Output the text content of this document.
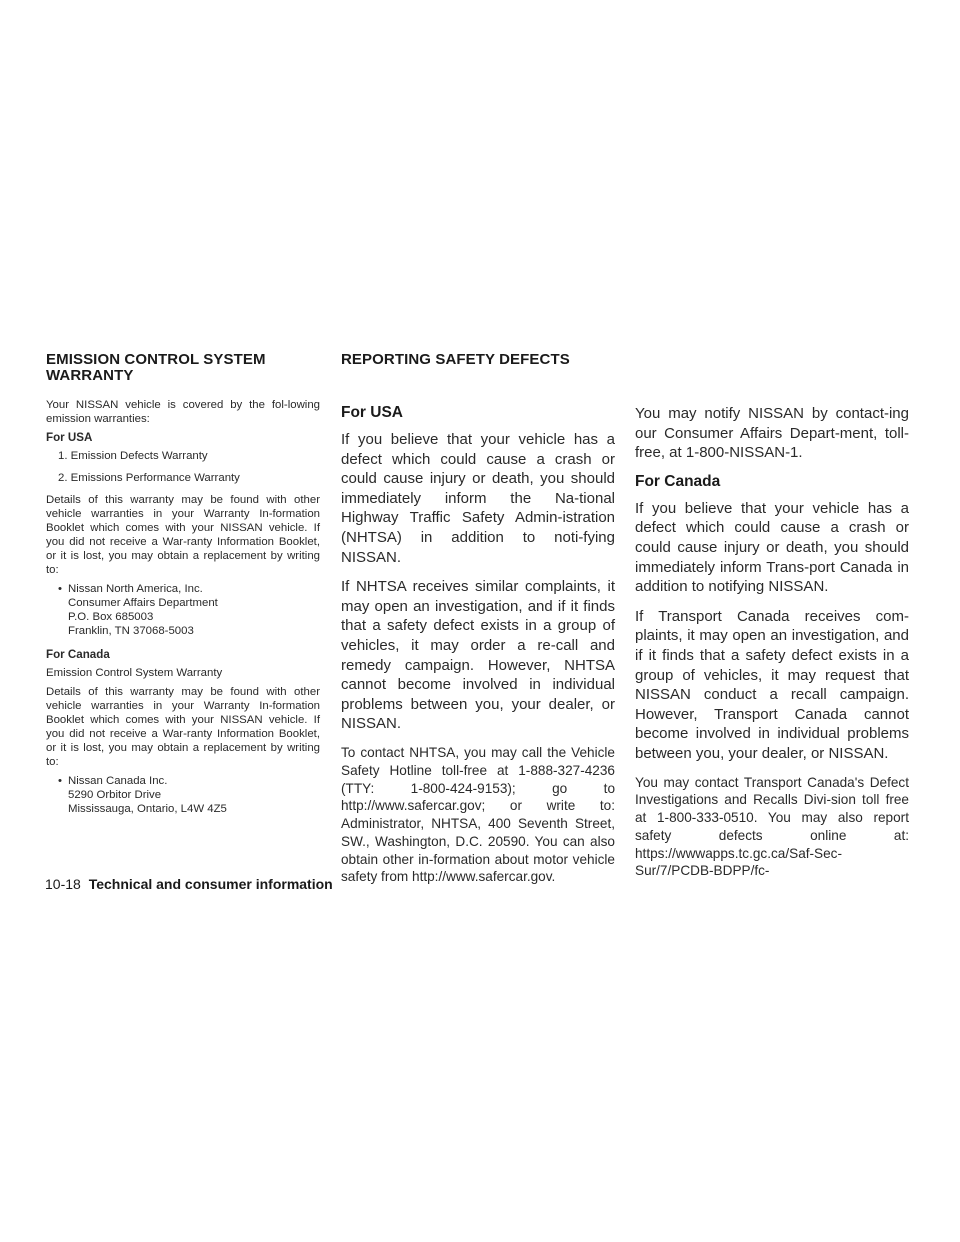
EMISSION CONTROL SYSTEM WARRANTY

Your NISSAN vehicle is covered by the fol-lowing emission warranties:

For USA

1. Emission Defects Warranty
2. Emissions Performance Warranty

Details of this warranty may be found with other vehicle warranties in your Warranty In-formation Booklet which comes with your NISSAN vehicle. If you did not receive a War-ranty Information Booklet, or it is lost, you may obtain a replacement by writing to:

• Nissan North America, Inc.
Consumer Affairs Department
P.O. Box 685003
Franklin, TN 37068-5003

For Canada

Emission Control System Warranty

Details of this warranty may be found with other vehicle warranties in your Warranty In-formation Booklet which comes with your NISSAN vehicle. If you did not receive a War-ranty Information Booklet, or it is lost, you may obtain a replacement by writing to:

• Nissan Canada Inc.
5290 Orbitor Drive
Mississauga, Ontario, L4W 4Z5
REPORTING SAFETY DEFECTS

For USA

If you believe that your vehicle has a defect which could cause a crash or could cause injury or death, you should immediately inform the Na-tional Highway Traffic Safety Admin-istration (NHTSA) in addition to noti-fying NISSAN.

If NHTSA receives similar complaints, it may open an investigation, and if it finds that a safety defect exists in a group of vehicles, it may order a re-call and remedy campaign. However, NHTSA cannot become involved in individual problems between you, your dealer, or NISSAN.

To contact NHTSA, you may call the Vehicle Safety Hotline toll-free at 1-888-327-4236 (TTY: 1-800-424-9153); go to http://www.safercar.gov; or write to: Administrator, NHTSA, 400 Seventh Street, SW., Washington, D.C. 20590. You can also obtain other in-formation about motor vehicle safety from http://www.safercar.gov.

You may notify NISSAN by contact-ing our Consumer Affairs Depart-ment, toll-free, at 1-800-NISSAN-1.

For Canada

If you believe that your vehicle has a defect which could cause a crash or could cause injury or death, you should immediately inform Trans-port Canada in addition to notifying NISSAN.

If Transport Canada receives com-plaints, it may open an investigation, and if it finds that a safety defect exists in a group of vehicles, it may request that NISSAN conduct a recall campaign. However, Transport Canada cannot become involved in individual problems between you, your dealer, or NISSAN.

You may contact Transport Canada's Defect Investigations and Recalls Divi-sion toll free at 1-800-333-0510. You may also report safety defects online at: https://wwwapps.tc.gc.ca/Saf-Sec-Sur/7/PCDB-BDPP/fc-

10-18 Technical and consumer information
